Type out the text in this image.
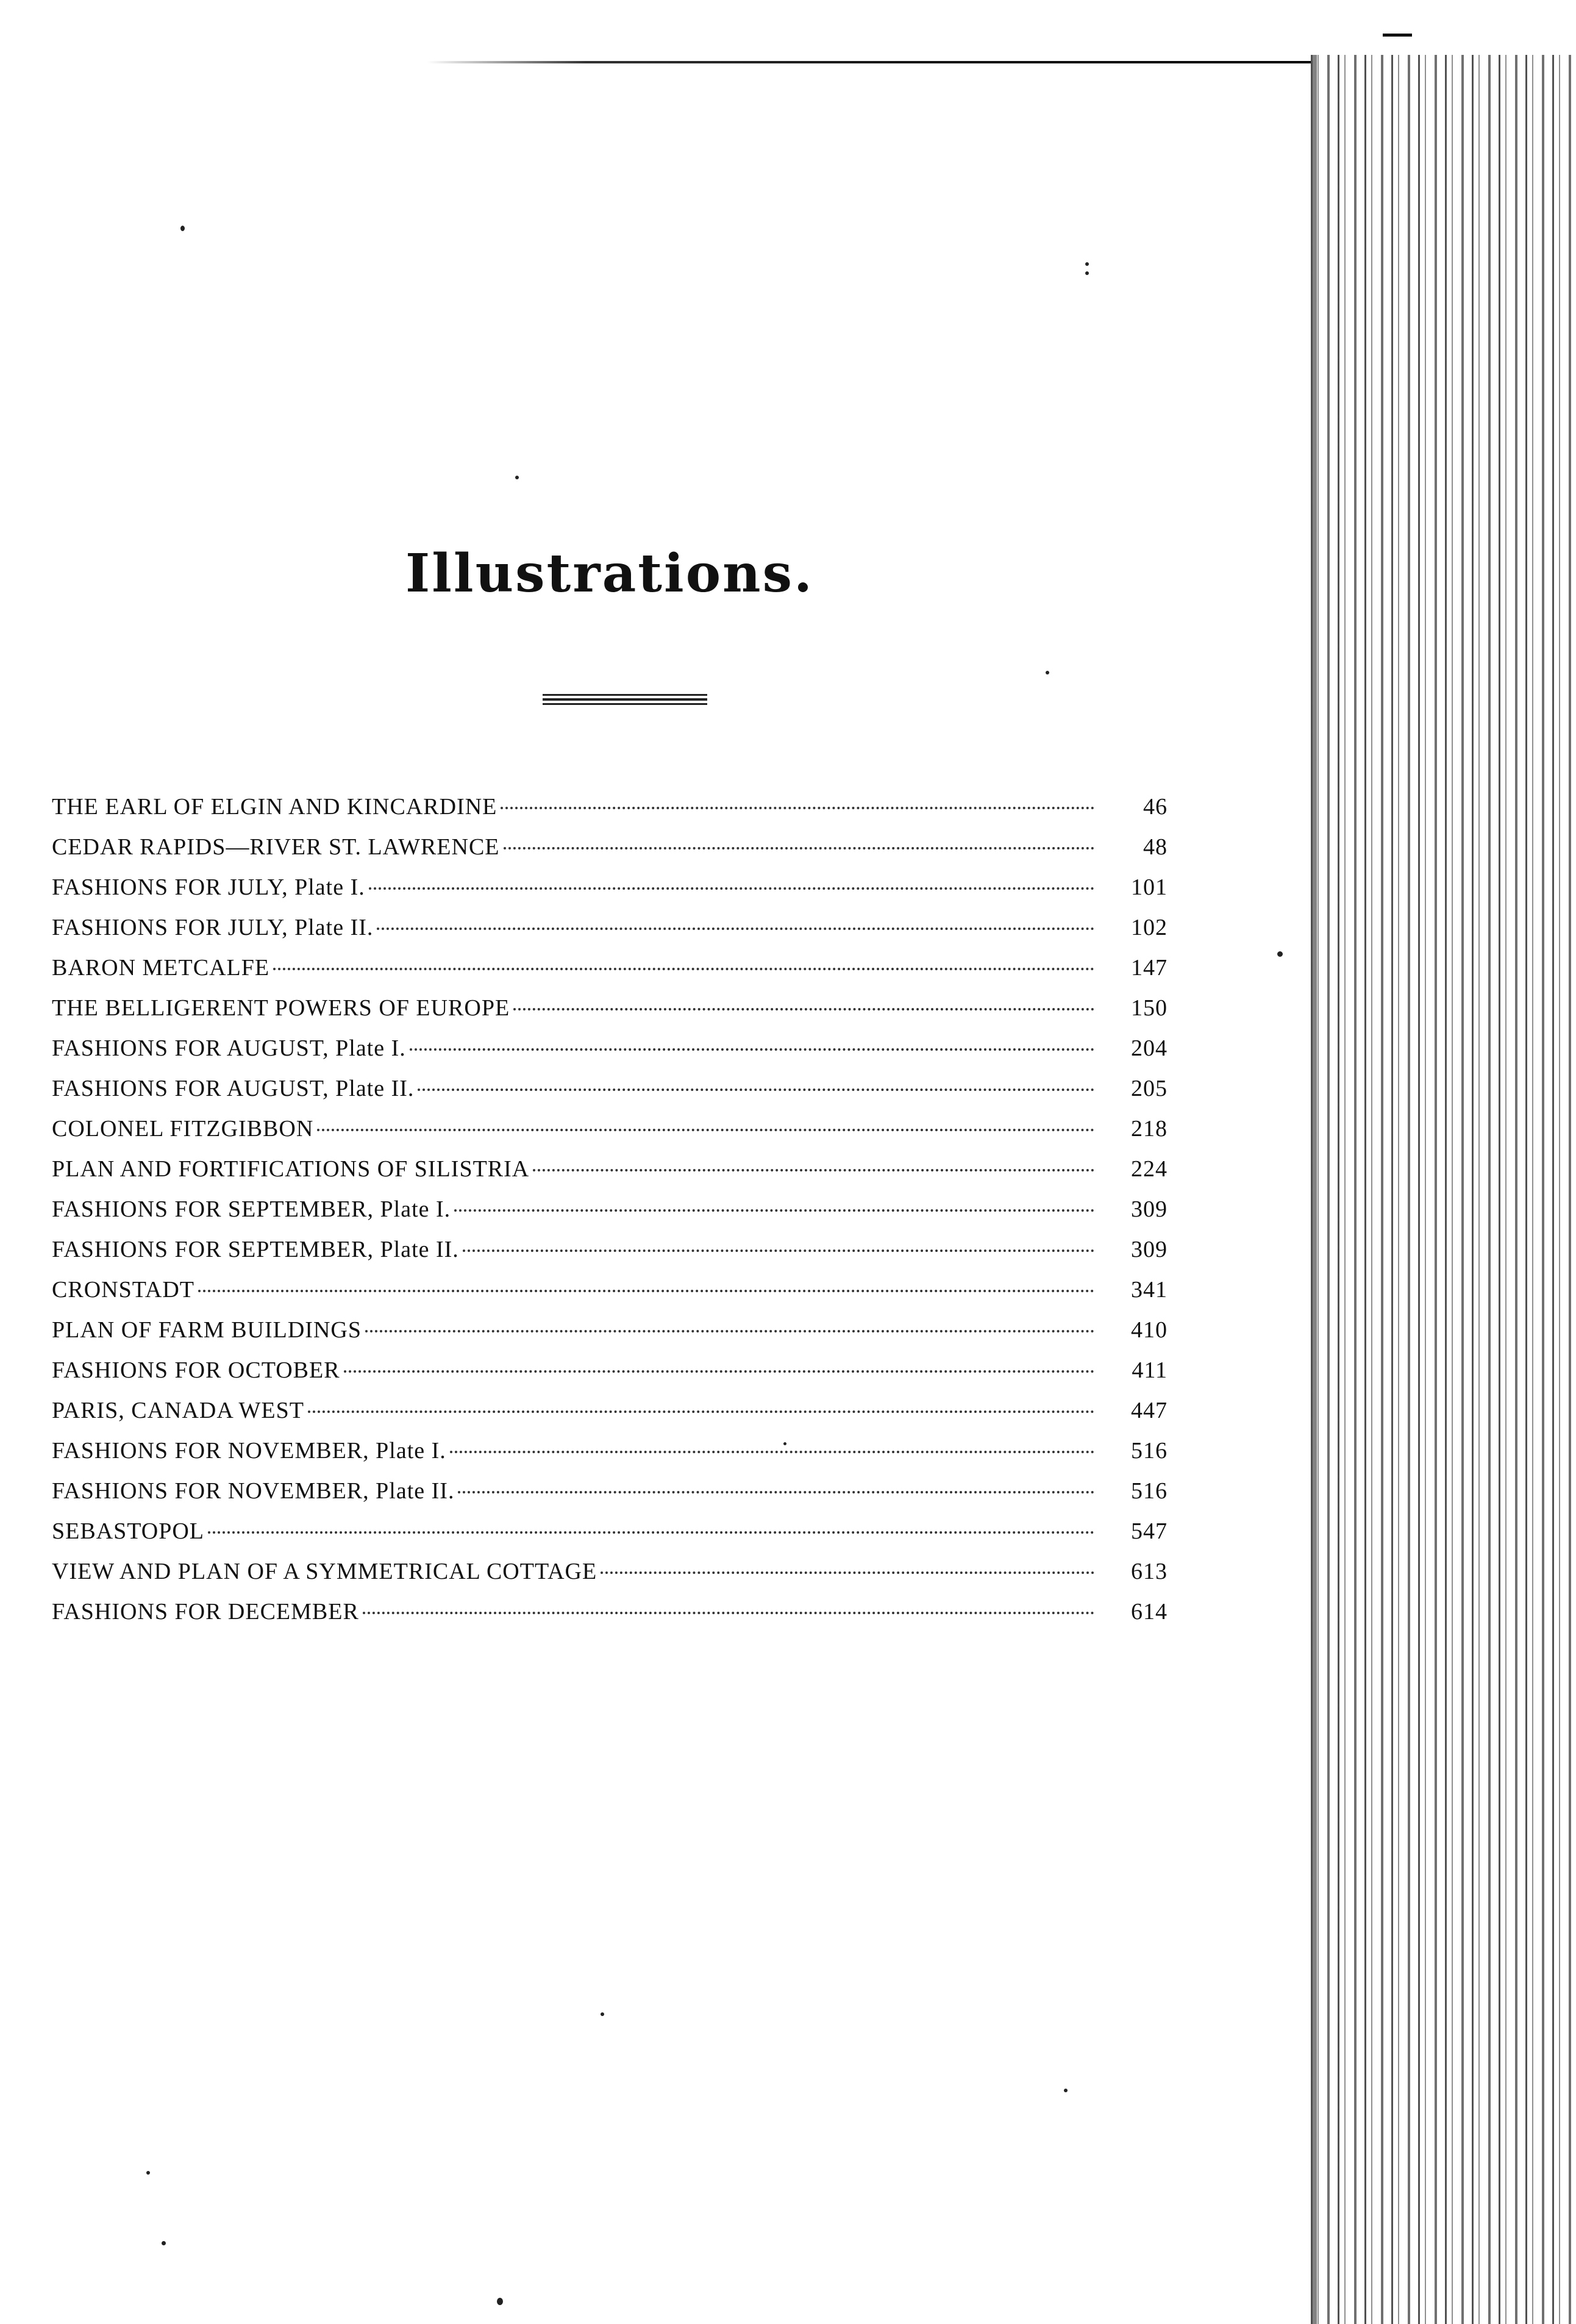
Illustrations.
THE EARL OF ELGIN AND KINCARDINE	46
CEDAR RAPIDS—RIVER ST. LAWRENCE	48
FASHIONS FOR JULY, Plate I.	101
FASHIONS FOR JULY, Plate II.	102
BARON METCALFE	147
THE BELLIGERENT POWERS OF EUROPE	150
FASHIONS FOR AUGUST, Plate I.	204
FASHIONS FOR AUGUST, Plate II.	205
COLONEL FITZGIBBON	218
PLAN AND FORTIFICATIONS OF SILISTRIA	224
FASHIONS FOR SEPTEMBER, Plate I.	309
FASHIONS FOR SEPTEMBER, Plate II.	309
CRONSTADT	341
PLAN OF FARM BUILDINGS	410
FASHIONS FOR OCTOBER	411
PARIS, CANADA WEST	447
FASHIONS FOR NOVEMBER, Plate I.	516
FASHIONS FOR NOVEMBER, Plate II.	516
SEBASTOPOL	547
VIEW AND PLAN OF A SYMMETRICAL COTTAGE	613
FASHIONS FOR DECEMBER	614
